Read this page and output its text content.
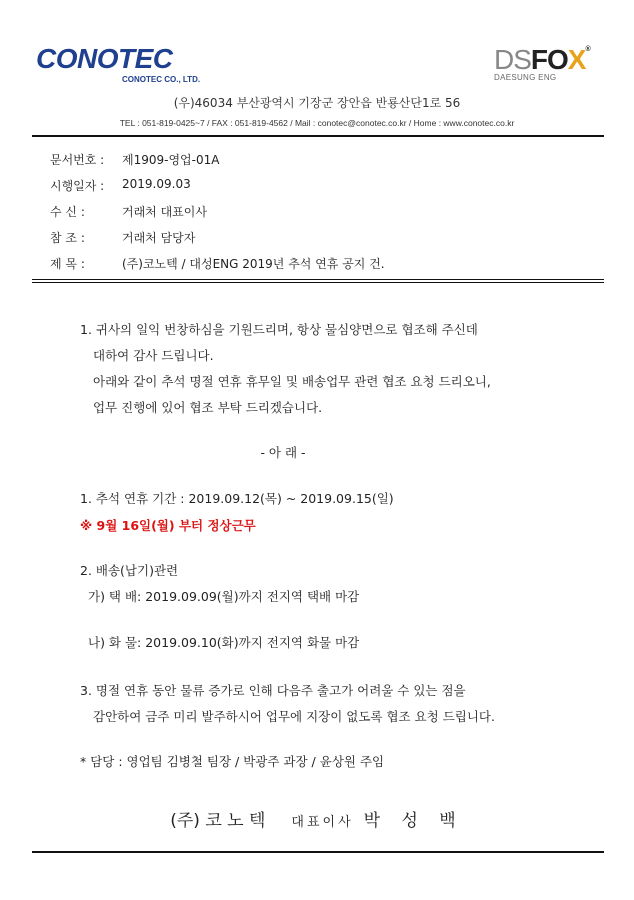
CONOTEC
CONOTEC CO., LTD.
DSFOX ®
DAESUNG ENG
(우)46034 부산광역시 기장군 장안읍 반룡산단1로 56
TEL : 051-819-0425~7 / FAX : 051-819-4562 / Mail : conotec@conotec.co.kr / Home : www.conotec.co.kr
문서번호 : 제1909-영업-01A
시행일자 : 2019.09.03
수 신 :	거래처 대표이사
참 조 :	거래처 담당자
제 목 :	(주)코노텍 / 대성ENG 2019년 추석 연휴 공지 건.
1. 귀사의 일익 번창하심을 기원드리며, 항상 물심양면으로 협조해 주신데
대하여 감사 드립니다.
아래와 같이 추석 명절 연휴 휴무일 및 배송업무 관련 협조 요청 드리오니,
업무 진행에 있어 협조 부탁 드리겠습니다.
- 아 래 -
1. 추석 연휴 기간 : 2019.09.12(목) ~ 2019.09.15(일)
※ 9월 16일(월) 부터 정상근무
2. 배송(납기)관련
가) 택 배: 2019.09.09(월)까지 전지역 택배 마감
나) 화 물: 2019.09.10(화)까지 전지역 화물 마감
3. 명절 연휴 동안 물류 증가로 인해 다음주 출고가 어려울 수 있는 점을
감안하여 금주 미리 발주하시어 업무에 지장이 없도록 협조 요청 드립니다.
* 담당 : 영업팀 김병철 팀장 / 박광주 과장 / 윤상원 주임
(주) 코 노 텍 대표이사 박 성 백
